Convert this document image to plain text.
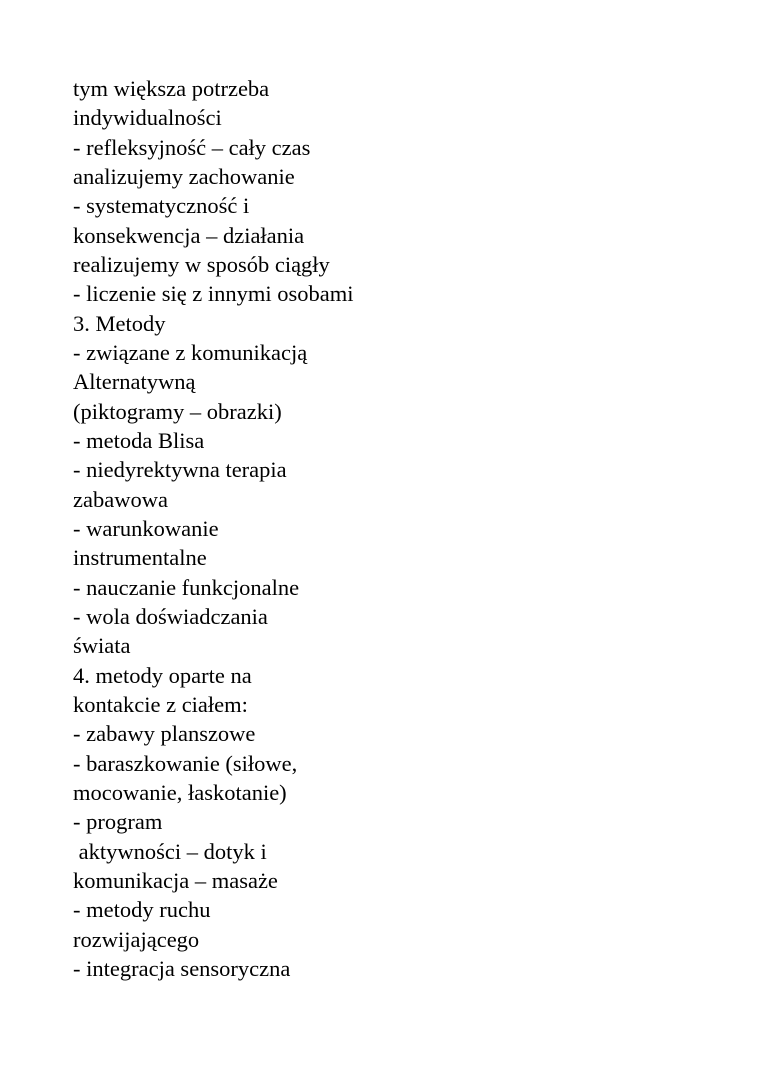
tym większa potrzeba
indywidualności
- refleksyjność – cały czas
analizujemy zachowanie
- systematyczność i
konsekwencja – działania
realizujemy w sposób ciągły
- liczenie się z innymi osobami
3. Metody
- związane z komunikacją
Alternatywną
(piktogramy – obrazki)
- metoda Blisa
- niedyrektywna terapia
zabawowa
- warunkowanie
instrumentalne
- nauczanie funkcjonalne
- wola doświadczania
świata
4. metody oparte na
kontakcie z ciałem:
- zabawy planszowe
- baraszkowanie (siłowe,
mocowanie, łaskotanie)
- program
aktywności – dotyk i
komunikacja – masaże
- metody ruchu
rozwijającego
- integracja sensoryczna
